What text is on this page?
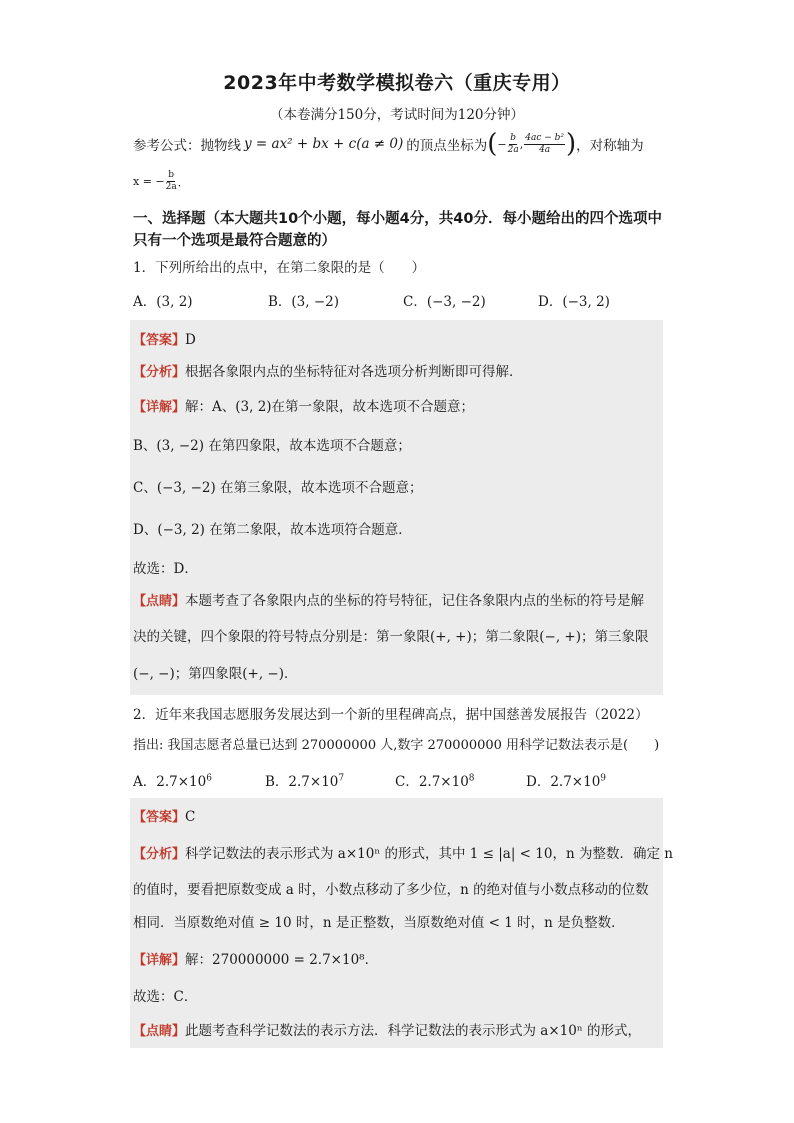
2023年中考数学模拟卷六（重庆专用）
（本卷满分150分，考试时间为120分钟）
参考公式：抛物线 y = ax² + bx + c(a ≠ 0) 的顶点坐标为 ( − $\frac{b}{2a}$ , $\frac{\text{4ac − b²}}{4a}$ ) ，对称轴为
x = − $\frac{b}{2a}$ ．
一、选择题（本大题共10个小题，每小题4分，共40分．每小题给出的四个选项中只有一个选项是最符合题意的）
1．下列所给出的点中，在第二象限的是（　　）
A．(3, 2)	B．(3, −2)	C．(−3, −2)	D．(−3, 2)
【答案】D
【分析】根据各象限内点的坐标特征对各选项分析判断即可得解．
【详解】解：A、(3, 2)在第一象限，故本选项不合题意；
B、(3, −2) 在第四象限，故本选项不合题意；
C、(−3, −2) 在第三象限，故本选项不合题意；
D、(−3, 2) 在第二象限，故本选项符合题意．
故选：D．
【点睛】本题考查了各象限内点的坐标的符号特征，记住各象限内点的坐标的符号是解
决的关键，四个象限的符号特点分别是：第一象限(+, +)；第二象限(−, +)；第三象限
(−, −)；第四象限(+, −)．
2．近年来我国志愿服务发展达到一个新的里程碑高点，据中国慈善发展报告（2022）
指出: 我国志愿者总量已达到 270000000 人,数字 270000000 用科学记数法表示是(　　)
A．$2.7\times 10^6$	B．$2.7\times 10^7$	C．$2.7\times 10^8$	D．$2.7\times 10^9$
【答案】C
【分析】科学记数法的表示形式为 a×10ⁿ 的形式，其中 1 ≤ |a| < 10，n 为整数．确定 n
的值时，要看把原数变成 a 时，小数点移动了多少位，n 的绝对值与小数点移动的位数
相同．当原数绝对值 ≥ 10 时，n 是正整数，当原数绝对值 < 1 时，n 是负整数．
【详解】解：270000000 = 2.7×10⁸．
故选：C．
【点睛】此题考查科学记数法的表示方法．科学记数法的表示形式为 a×10ⁿ 的形式，
